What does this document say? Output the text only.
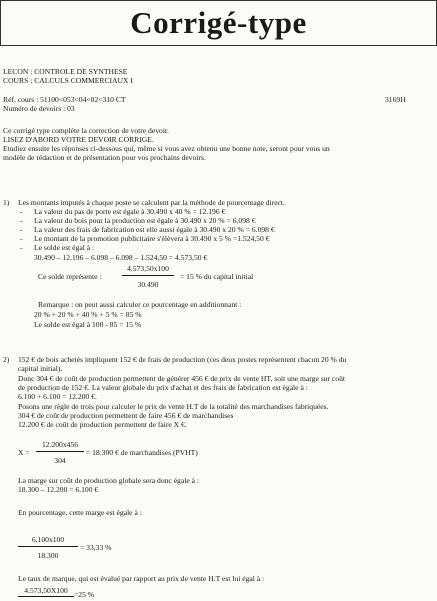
Corrigé-type
LECON : CONTROLE DE SYNTHESE
COURS : CALCULS COMMERCIAUX I
Réf. cours : 51100<053<04<02<310 CT	3169H
Numéro de devoirs : 03
Ce corrigé type complète la correction de votre devoir.
LISEZ D'ABORD VOTRE DEVOIR CORRIGE.
Etudiez ensuite les réponses ci-dessous qui, même si vous avez obtenu une bonne note, seront pour vous un
modèle de rédaction et de présentation pour vos prochains devoirs.
1) Les montants imputés à chaque poste se calculent par la méthode de pourcentage direct.
- La valeur du pas de porte est égale à 30.490 x 40 % = 12.196 €
- La valeur du bois pour la production est égale à 30.490 x 20 % = 6.098 €
- La valeur des frais de fabrication est elle aussi égale à 30.490 x 20 % = 6.098 €
- Le montant de la promotion publicitaire s'élèvera à 30.490 x 5 % =1.524,50 €
- Le solde est égal à :
30.490 – 12.196 – 6.098 – 6.098 – 1.524,50 = 4.573,50 €
Ce solde représente :	$\frac{4.573,50x100}{30.490} = 15$ % du capital initial
Remarque : on peut aussi calculer ce pourcentage en additionnant :
20 % + 20 % + 40 % + 5 % = 85 %
Le solde est égal à 100 - 85 = 15 %
2) 152 € de bois achetés impliquent 152 € de frais de production (ces deux postes représentent chacun 20 % du
capital initial).
Donc 304 € de coût de production permettent de générer 456 € de prix de vente HT, soit une marge sur coût
de production de 152 €. La valeur globale du prix d'achat et des frais de fabrication est égale à :
6.100 + 6.100 = 12.200 €.
Posons une règle de trois pour calculer le prix de vente H.T de la totalité des marchandises fabriquées.
304 € de coût de production permettent de faire 456 € de marchandises
12.200 € de coût de production permettent de faire X €.
$X = \frac{12.200x456}{304} = 18.300$ € de marchandises (PVHT)
La marge sur coût de production globale sera donc égale à :
18.300 – 12.200 = 6.100 €
En pourcentage, cette marge est égale à :
$\frac{6.100x100}{18.300} = 33,33$ %
Le taux de marque, qui est évalué par rapport au prix de vente H.T est lui égal à :
4.573,50X100 =25 %
